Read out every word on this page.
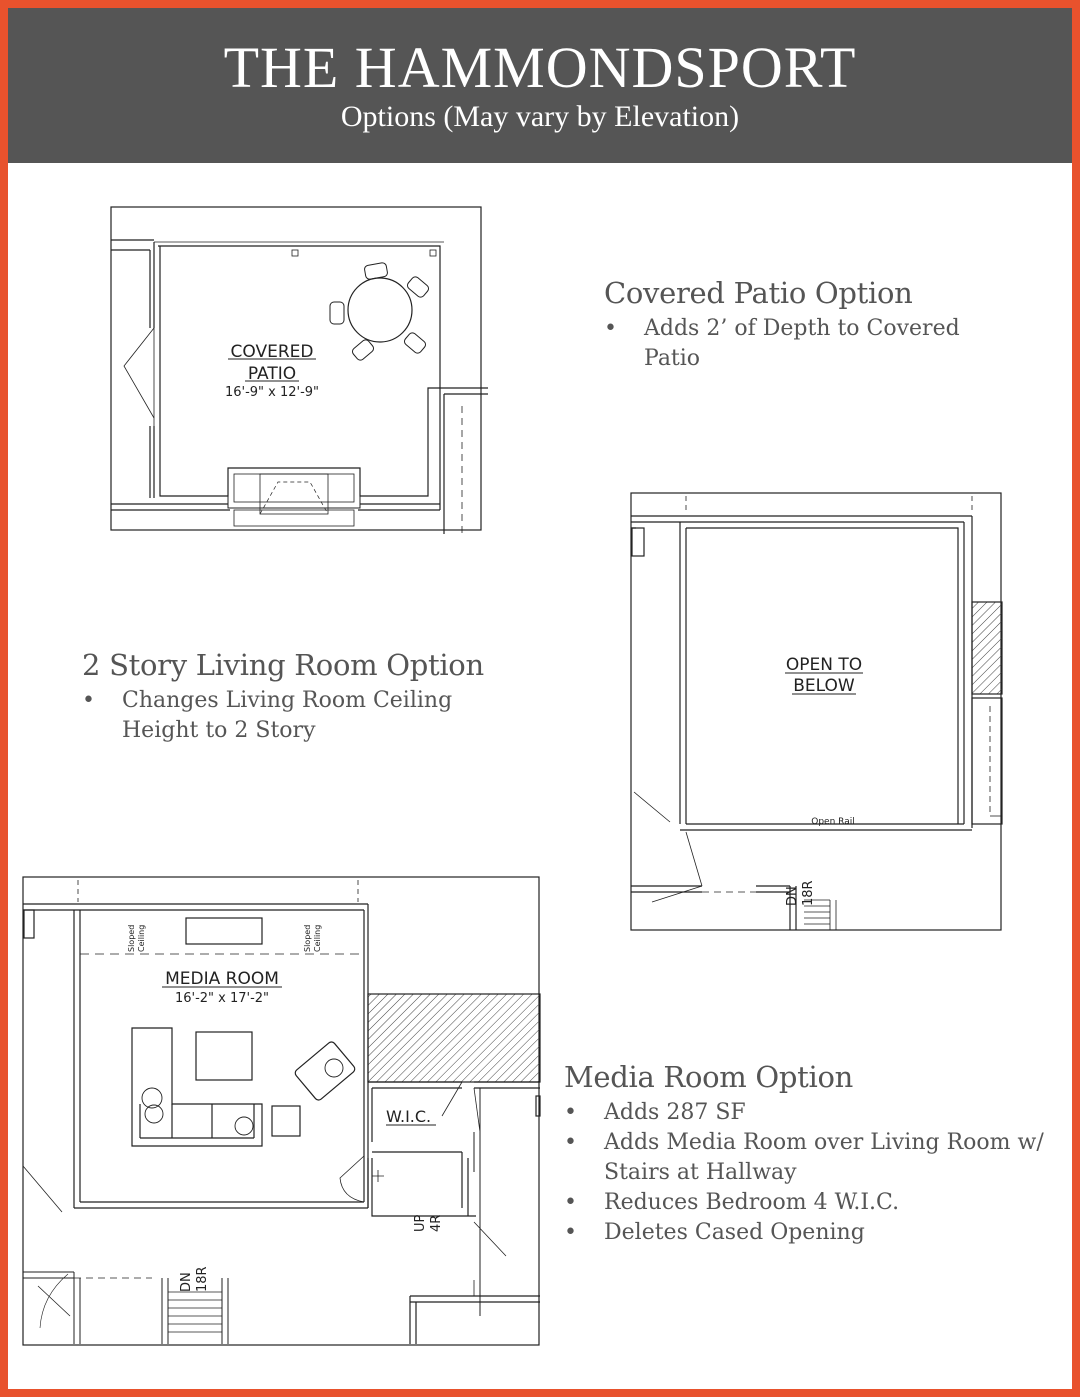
THE HAMMONDSPORT
Options (May vary by Elevation)
COVERED
PATIO
16'-9" x 12'-9"
Covered Patio Option
• Adds 2’ of Depth to Covered
Patio
OPEN TO
BELOW
Open Rail
DN 18R
2 Story Living Room Option
• Changes Living Room Ceiling
Height to 2 Story
MEDIA ROOM
16'-2" x 17'-2"
Sloped Ceiling	Sloped Ceiling
W.I.C.
UP 4R
DN 18R
Media Room Option
• Adds 287 SF
• Adds Media Room over Living Room w/
Stairs at Hallway
• Reduces Bedroom 4 W.I.C.
• Deletes Cased Opening
